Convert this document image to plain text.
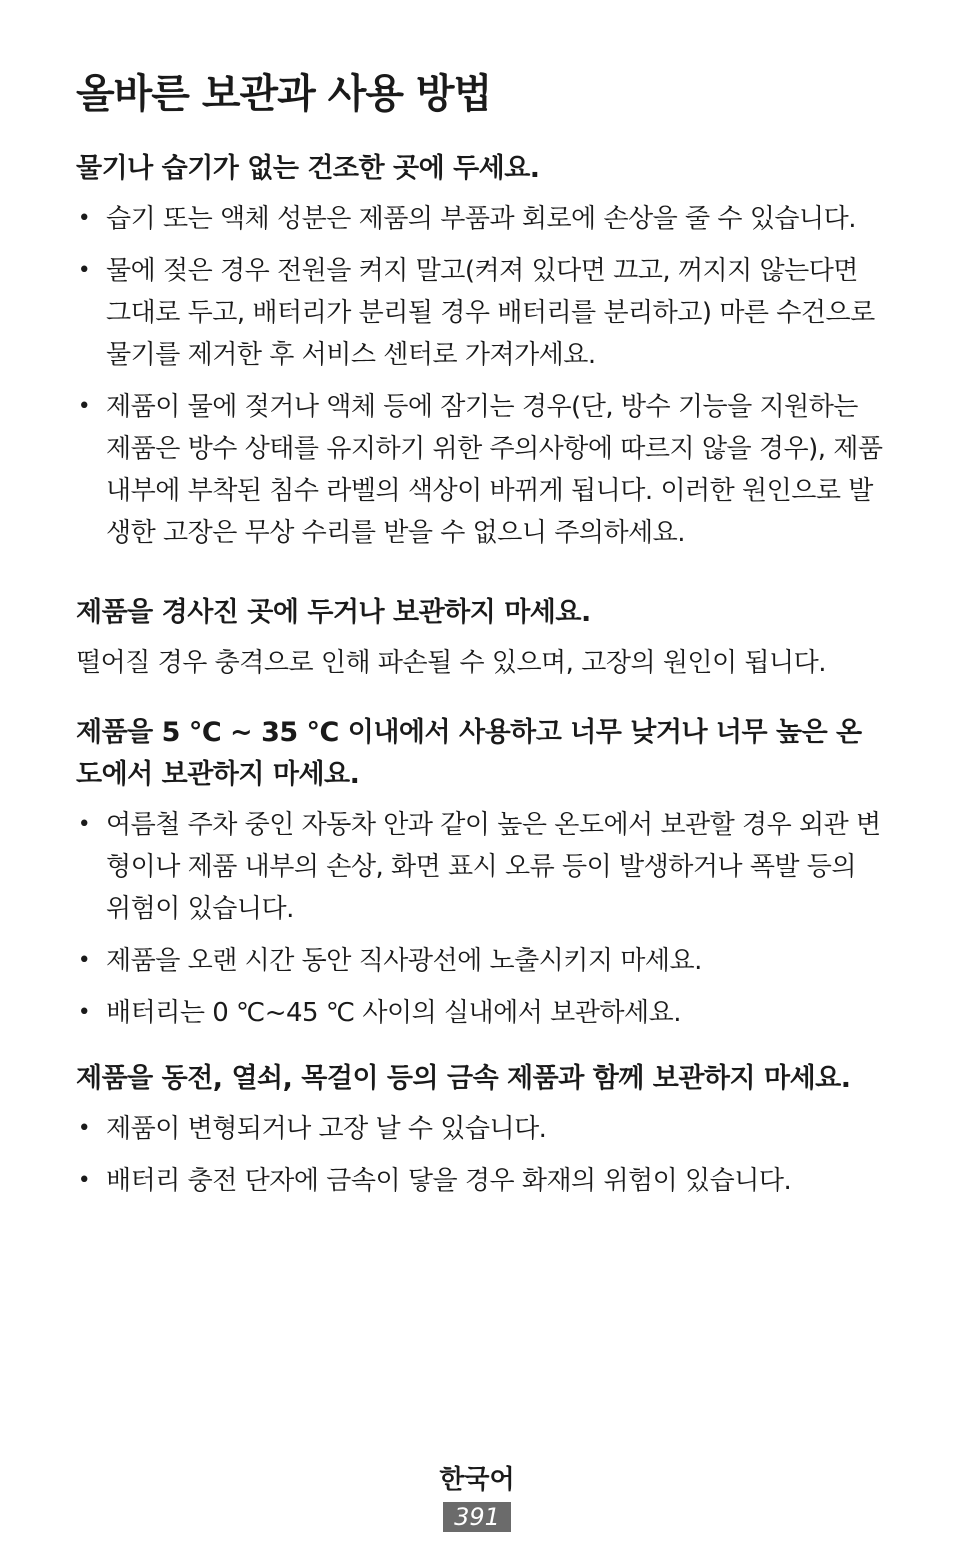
올바른 보관과 사용 방법
물기나 습기가 없는 건조한 곳에 두세요.
• 습기 또는 액체 성분은 제품의 부품과 회로에 손상을 줄 수 있습니다.
• 물에 젖은 경우 전원을 켜지 말고(켜져 있다면 끄고, 꺼지지 않는다면 그대로 두고, 배터리가 분리될 경우 배터리를 분리하고) 마른 수건으로 물기를 제거한 후 서비스 센터로 가져가세요.
• 제품이 물에 젖거나 액체 등에 잠기는 경우(단, 방수 기능을 지원하는 제품은 방수 상태를 유지하기 위한 주의사항에 따르지 않을 경우), 제품 내부에 부착된 침수 라벨의 색상이 바뀌게 됩니다. 이러한 원인으로 발생한 고장은 무상 수리를 받을 수 없으니 주의하세요.
제품을 경사진 곳에 두거나 보관하지 마세요.

떨어질 경우 충격으로 인해 파손될 수 있으며, 고장의 원인이 됩니다.

제품을 5 °C ~ 35 °C 이내에서 사용하고 너무 낮거나 너무 높은 온도에서 보관하지 마세요.
• 여름철 주차 중인 자동차 안과 같이 높은 온도에서 보관할 경우 외관 변형이나 제품 내부의 손상, 화면 표시 오류 등이 발생하거나 폭발 등의 위험이 있습니다.
• 제품을 오랜 시간 동안 직사광선에 노출시키지 마세요.
• 배터리는 0 ℃~45 ℃ 사이의 실내에서 보관하세요.
제품을 동전, 열쇠, 목걸이 등의 금속 제품과 함께 보관하지 마세요.
• 제품이 변형되거나 고장 날 수 있습니다.
• 배터리 충전 단자에 금속이 닿을 경우 화재의 위험이 있습니다.
한국어
391
